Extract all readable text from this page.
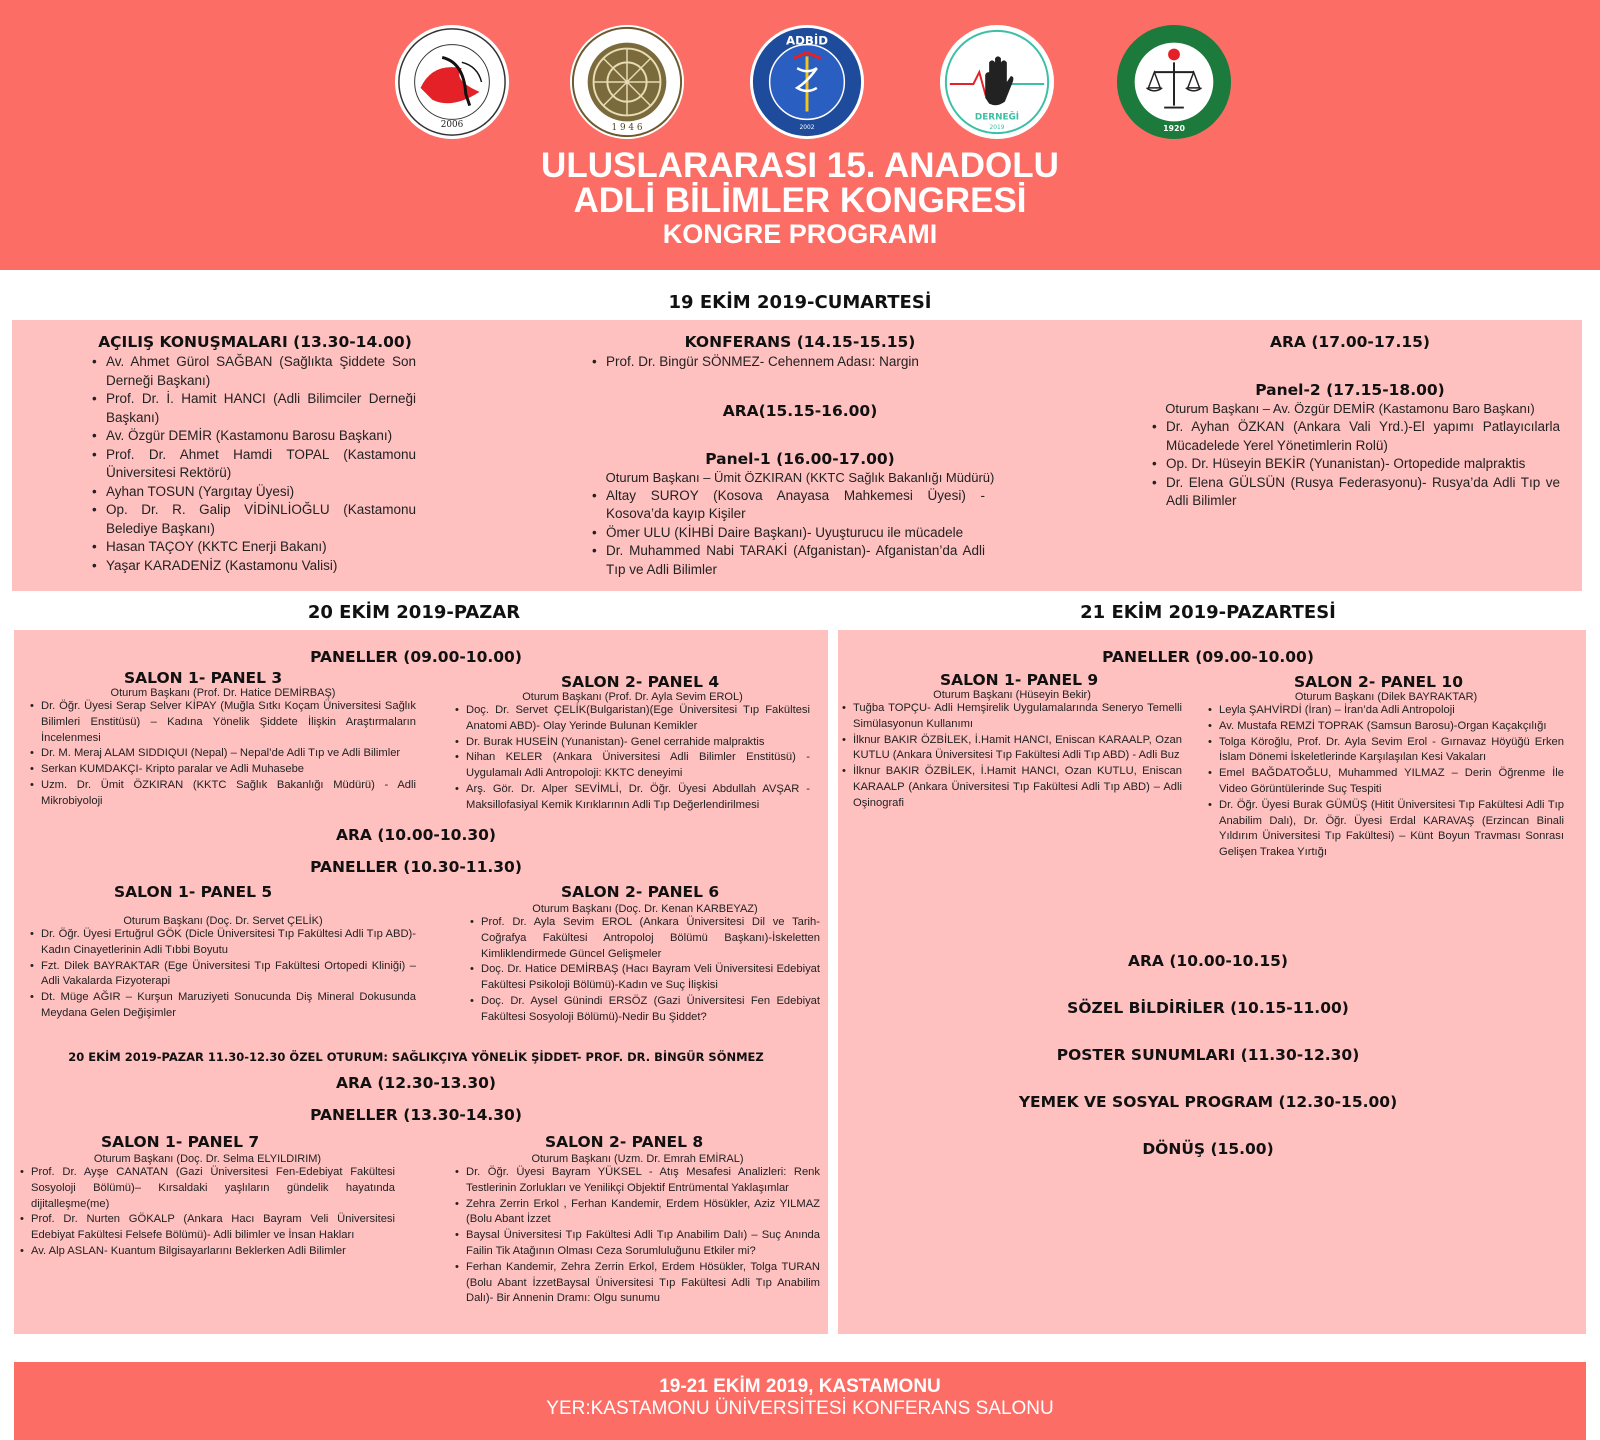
2006	1 9 4 6
ADBİD
2002
DERNEĞİ
2019	1920
ULUSLARARASI 15. ANADOLU
ADLİ BİLİMLER KONGRESİ
KONGRE PROGRAMI
19 EKİM 2019-CUMARTESİ
AÇILIŞ KONUŞMALARI (13.30-14.00)
• Av. Ahmet Gürol SAĞBAN (Sağlıkta Şiddete Son Derneği Başkanı)
• Prof. Dr. İ. Hamit HANCI (Adli Bilimciler Derneği Başkanı)
• Av. Özgür DEMİR (Kastamonu Barosu Başkanı)
• Prof. Dr. Ahmet Hamdi TOPAL (Kastamonu Üniversitesi Rektörü)
• Ayhan TOSUN (Yargıtay Üyesi)
• Op. Dr. R. Galip VİDİNLİOĞLU (Kastamonu Belediye Başkanı)
• Hasan TAÇOY (KKTC Enerji Bakanı)
• Yaşar KARADENİZ (Kastamonu Valisi)
KONFERANS (14.15-15.15)
• Prof. Dr. Bingür SÖNMEZ- Cehennem Adası: Nargin
ARA(15.15-16.00)
Panel-1 (16.00-17.00)
Oturum Başkanı – Ümit ÖZKIRAN (KKTC Sağlık Bakanlığı Müdürü)
• Altay SUROY (Kosova Anayasa Mahkemesi Üyesi) - Kosova’da kayıp Kişiler
• Ömer ULU (KİHBİ Daire Başkanı)- Uyuşturucu ile mücadele
• Dr. Muhammed Nabi TARAKİ (Afganistan)- Afganistan’da Adli Tıp ve Adli Bilimler
ARA (17.00-17.15)
Panel-2 (17.15-18.00)
Oturum Başkanı – Av. Özgür DEMİR (Kastamonu Baro Başkanı)
• Dr. Ayhan ÖZKAN (Ankara Vali Yrd.)-El yapımı Patlayıcılarla Mücadelede Yerel Yönetimlerin Rolü)
• Op. Dr. Hüseyin BEKİR (Yunanistan)- Ortopedide malpraktis
• Dr. Elena GÜLSÜN (Rusya Federasyonu)- Rusya’da Adli Tıp ve Adli Bilimler
20 EKİM 2019-PAZAR
PANELLER (09.00-10.00)
SALON 1- PANEL 3
Oturum Başkanı (Prof. Dr. Hatice DEMİRBAŞ)
• Dr. Öğr. Üyesi Serap Selver KİPAY (Muğla Sıtkı Koçam Üniversitesi Sağlık Bilimleri Enstitüsü) – Kadına Yönelik Şiddete İlişkin Araştırmaların İncelenmesi
• Dr. M. Meraj ALAM SIDDIQUI (Nepal) – Nepal’de Adli Tıp ve Adli Bilimler
• Serkan KUMDAKÇI- Kripto paralar ve Adli Muhasebe
• Uzm. Dr. Ümit ÖZKIRAN (KKTC Sağlık Bakanlığı Müdürü) - Adli Mikrobiyoloji
SALON 2- PANEL 4
Oturum Başkanı (Prof. Dr. Ayla Sevim EROL)
• Doç. Dr. Servet ÇELİK(Bulgaristan)(Ege Üniversitesi Tıp Fakültesi Anatomi ABD)- Olay Yerinde Bulunan Kemikler
• Dr. Burak HUSEİN (Yunanistan)- Genel cerrahide malpraktis
• Nihan KELER (Ankara Üniversitesi Adli Bilimler Enstitüsü) - Uygulamalı Adli Antropoloji: KKTC deneyimi
• Arş. Gör. Dr. Alper SEVİMLİ, Dr. Öğr. Üyesi Abdullah AVŞAR - Maksillofasiyal Kemik Kırıklarının Adli Tıp Değerlendirilmesi
ARA (10.00-10.30)
PANELLER (10.30-11.30)
SALON 1- PANEL 5
Oturum Başkanı (Doç. Dr. Servet ÇELİK)
• Dr. Öğr. Üyesi Ertuğrul GÖK (Dicle Üniversitesi Tıp Fakültesi Adli Tıp ABD)- Kadın Cinayetlerinin Adli Tıbbi Boyutu
• Fzt. Dilek BAYRAKTAR (Ege Üniversitesi Tıp Fakültesi Ortopedi Kliniği) – Adli Vakalarda Fizyoterapi
• Dt. Müge AĞIR – Kurşun Maruziyeti Sonucunda Diş Mineral Dokusunda Meydana Gelen Değişimler
SALON 2- PANEL 6
Oturum Başkanı (Doç. Dr. Kenan KARBEYAZ)
• Prof. Dr. Ayla Sevim EROL (Ankara Üniversitesi Dil ve Tarih-Coğrafya Fakültesi Antropoloj Bölümü Başkanı)-İskeletten Kimliklendirmede Güncel Gelişmeler
• Doç. Dr. Hatice DEMİRBAŞ (Hacı Bayram Veli Üniversitesi Edebiyat Fakültesi Psikoloji Bölümü)-Kadın ve Suç İlişkisi
• Doç. Dr. Aysel Günindi ERSÖZ (Gazi Üniversitesi Fen Edebiyat Fakültesi Sosyoloji Bölümü)-Nedir Bu Şiddet?
20 EKİM 2019-PAZAR 11.30-12.30 ÖZEL OTURUM: SAĞLIKÇIYA YÖNELİK ŞİDDET- PROF. DR. BİNGÜR SÖNMEZ
ARA (12.30-13.30)
PANELLER (13.30-14.30)
SALON 1- PANEL 7
Oturum Başkanı (Doç. Dr. Selma ELYILDIRIM)
• Prof. Dr. Ayşe CANATAN (Gazi Üniversitesi Fen-Edebiyat Fakültesi Sosyoloji Bölümü)– Kırsaldaki yaşlıların gündelik hayatında dijitalleşme(me)
• Prof. Dr. Nurten GÖKALP (Ankara Hacı Bayram Veli Üniversitesi Edebiyat Fakültesi Felsefe Bölümü)- Adli bilimler ve İnsan Hakları
• Av. Alp ASLAN- Kuantum Bilgisayarlarını Beklerken Adli Bilimler
SALON 2- PANEL 8
Oturum Başkanı (Uzm. Dr. Emrah EMİRAL)
• Dr. Öğr. Üyesi Bayram YÜKSEL - Atış Mesafesi Analizleri: Renk Testlerinin Zorlukları ve Yenilikçi Objektif Entrümental Yaklaşımlar
• Zehra Zerrin Erkol , Ferhan Kandemir, Erdem Hösükler, Aziz YILMAZ (Bolu Abant İzzet
• Baysal Üniversitesi Tıp Fakültesi Adli Tıp Anabilim Dalı) – Suç Anında Failin Tik Atağının Olması Ceza Sorumluluğunu Etkiler mi?
• Ferhan Kandemir, Zehra Zerrin Erkol, Erdem Hösükler, Tolga TURAN (Bolu Abant İzzetBaysal Üniversitesi Tıp Fakültesi Adli Tıp Anabilim Dalı)- Bir Annenin Dramı: Olgu sunumu
21 EKİM 2019-PAZARTESİ
PANELLER (09.00-10.00)
SALON 1- PANEL 9
Oturum Başkanı (Hüseyin Bekir)
• Tuğba TOPÇU- Adli Hemşirelik Uygulamalarında Seneryo Temelli Simülasyonun Kullanımı
• İlknur BAKIR ÖZBİLEK, İ.Hamit HANCI, Eniscan KARAALP, Ozan KUTLU (Ankara Üniversitesi Tıp Fakültesi Adli Tıp ABD) - Adli Buz
• İlknur BAKIR ÖZBİLEK, İ.Hamit HANCI, Ozan KUTLU, Eniscan KARAALP (Ankara Üniversitesi Tıp Fakültesi Adli Tıp ABD) – Adli Oşinografi
SALON 2- PANEL 10
Oturum Başkanı (Dilek BAYRAKTAR)
• Leyla ŞAHVİRDİ (İran) – İran’da Adli Antropoloji
• Av. Mustafa REMZİ TOPRAK (Samsun Barosu)-Organ Kaçakçılığı
• Tolga Köroğlu, Prof. Dr. Ayla Sevim Erol - Gırnavaz Höyüğü Erken İslam Dönemi İskeletlerinde Karşılaşılan Kesi Vakaları
• Emel BAĞDATOĞLU, Muhammed YILMAZ – Derin Öğrenme İle Video Görüntülerinde Suç Tespiti
• Dr. Öğr. Üyesi Burak GÜMÜŞ (Hitit Üniversitesi Tıp Fakültesi Adli Tıp Anabilim Dalı), Dr. Öğr. Üyesi Erdal KARAVAŞ (Erzincan Binali Yıldırım Üniversitesi Tıp Fakültesi) – Künt Boyun Travması Sonrası Gelişen Trakea Yırtığı
ARA (10.00-10.15)
SÖZEL BİLDİRİLER (10.15-11.00)
POSTER SUNUMLARI (11.30-12.30)
YEMEK VE SOSYAL PROGRAM (12.30-15.00)
DÖNÜŞ (15.00)
19-21 EKİM 2019, KASTAMONU
YER:KASTAMONU ÜNİVERSİTESİ KONFERANS SALONU
